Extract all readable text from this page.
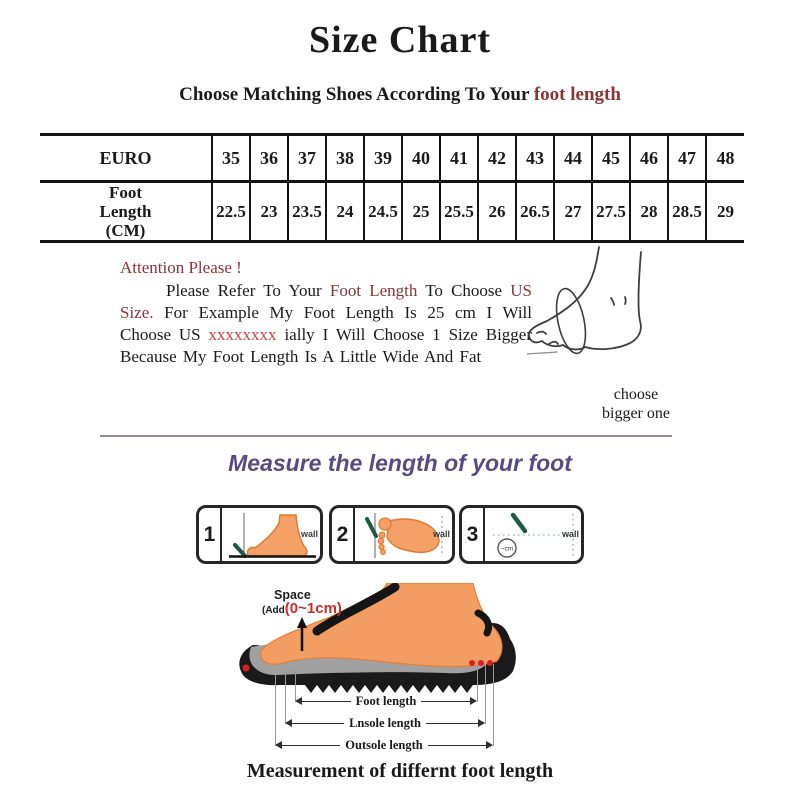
Size Chart
Choose Matching Shoes According To Your foot length
EURO	35	36	37	38	39	40	41	42	43	44	45	46	47	48

Foot Length (CM)	22.5	23	23.5	24	24.5	25	25.5	26	26.5	27	27.5	28	28.5	29
Attention Please !

Please Refer To Your Foot Length To Choose US Size. For Example My Foot Length Is 25 cm I Will Choose US xxxxxxxx ially I Will Choose 1 Size Bigger Because My Foot Length Is A Little Wide And Fat

choose bigger one
Measure the length of your foot
1	wall 2	wall 3
~cm
wall
Space
(Add(0~1cm)
Foot length
Lnsole length
Outsole length
Measurement of differnt foot length
